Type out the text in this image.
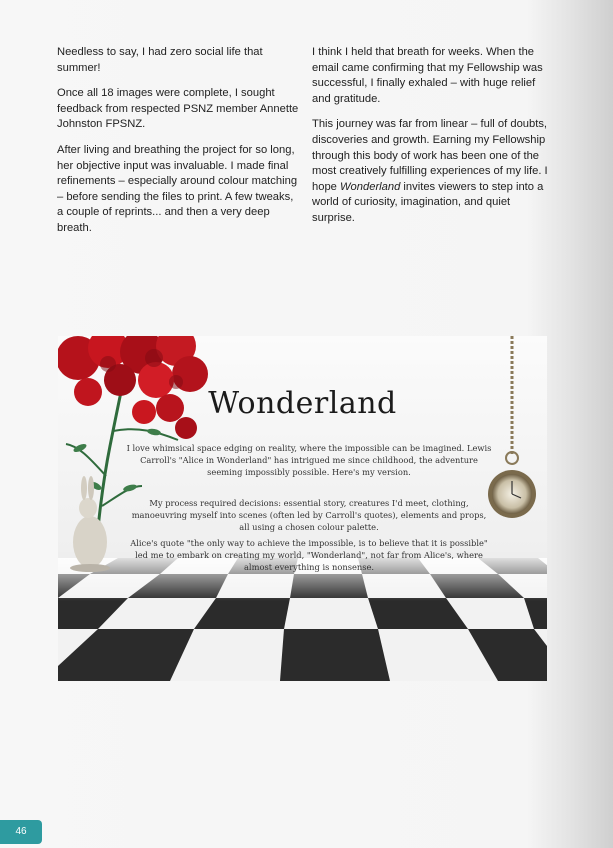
Needless to say, I had zero social life that summer!

Once all 18 images were complete, I sought feedback from respected PSNZ member Annette Johnston FPSNZ.

After living and breathing the project for so long, her objective input was invaluable. I made final refinements – especially around colour matching – before sending the files to print. A few tweaks, a couple of reprints... and then a very deep breath.

I think I held that breath for weeks. When the email came confirming that my Fellowship was successful, I finally exhaled – with huge relief and gratitude.

This journey was far from linear – full of doubts, discoveries and growth. Earning my Fellowship through this body of work has been one of the most creatively fulfilling experiences of my life. I hope Wonderland invites viewers to step into a world of curiosity, imagination, and quiet surprise.

Wonderland
I love whimsical space edging on reality, where the impossible can be imagined. Lewis Carroll's "Alice in Wonderland" has intrigued me since childhood, the adventure seeming impossibly possible. Here's my version.
My process required decisions: essential story, creatures I'd meet, clothing, manoeuvring myself into scenes (often led by Carroll's quotes), elements and props, all using a chosen colour palette.
Alice's quote "the only way to achieve the impossible, is to believe that it is possible" led me to embark on creating my world, "Wonderland", not far from Alice's, where almost everything is nonsense.
46
